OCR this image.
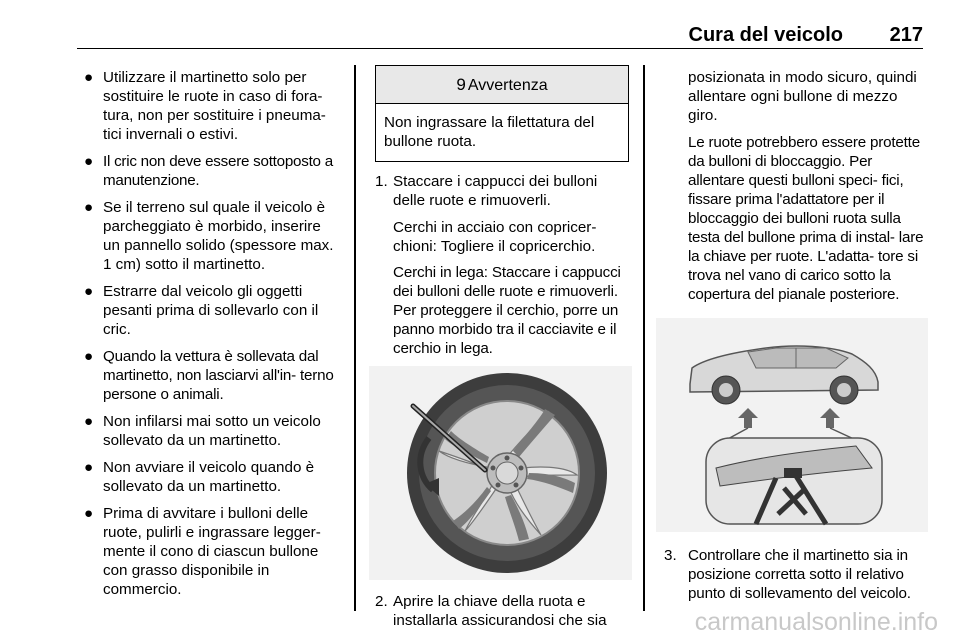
Cura del veicolo 217
● Utilizzare il martinetto solo per sostituire le ruote in caso di fora- tura, non per sostituire i pneuma- tici invernali o estivi.
● Il cric non deve essere sottoposto a manutenzione.
● Se il terreno sul quale il veicolo è parcheggiato è morbido, inserire un pannello solido (spessore max. 1 cm) sotto il martinetto.
● Estrarre dal veicolo gli oggetti pesanti prima di sollevarlo con il cric.
● Quando la vettura è sollevata dal martinetto, non lasciarvi all'in- terno persone o animali.
● Non infilarsi mai sotto un veicolo sollevato da un martinetto.
● Non avviare il veicolo quando è sollevato da un martinetto.
● Prima di avvitare i bulloni delle ruote, pulirli e ingrassare legger- mente il cono di ciascun bullone con grasso disponibile in commercio.
9 Avvertenza
Non ingrassare la filettatura del bullone ruota.
1. Staccare i cappucci dei bulloni delle ruote e rimuoverli.
Cerchi in acciaio con copricer- chioni: Togliere il copricerchio.
Cerchi in lega: Staccare i cappucci dei bulloni delle ruote e rimuoverli. Per proteggere il cerchio, porre un panno morbido tra il cacciavite e il cerchio in lega.
2. Aprire la chiave della ruota e installarla assicurandosi che sia
posizionata in modo sicuro, quindi allentare ogni bullone di mezzo giro.
Le ruote potrebbero essere protette da bulloni di bloccaggio. Per allentare questi bulloni speci- fici, fissare prima l'adattatore per il bloccaggio dei bulloni ruota sulla testa del bullone prima di instal- lare la chiave per ruote. L'adatta- tore si trova nel vano di carico sotto la copertura del pianale posteriore.
3. Controllare che il martinetto sia in posizione corretta sotto il relativo punto di sollevamento del veicolo.
carmanualsonline.info
